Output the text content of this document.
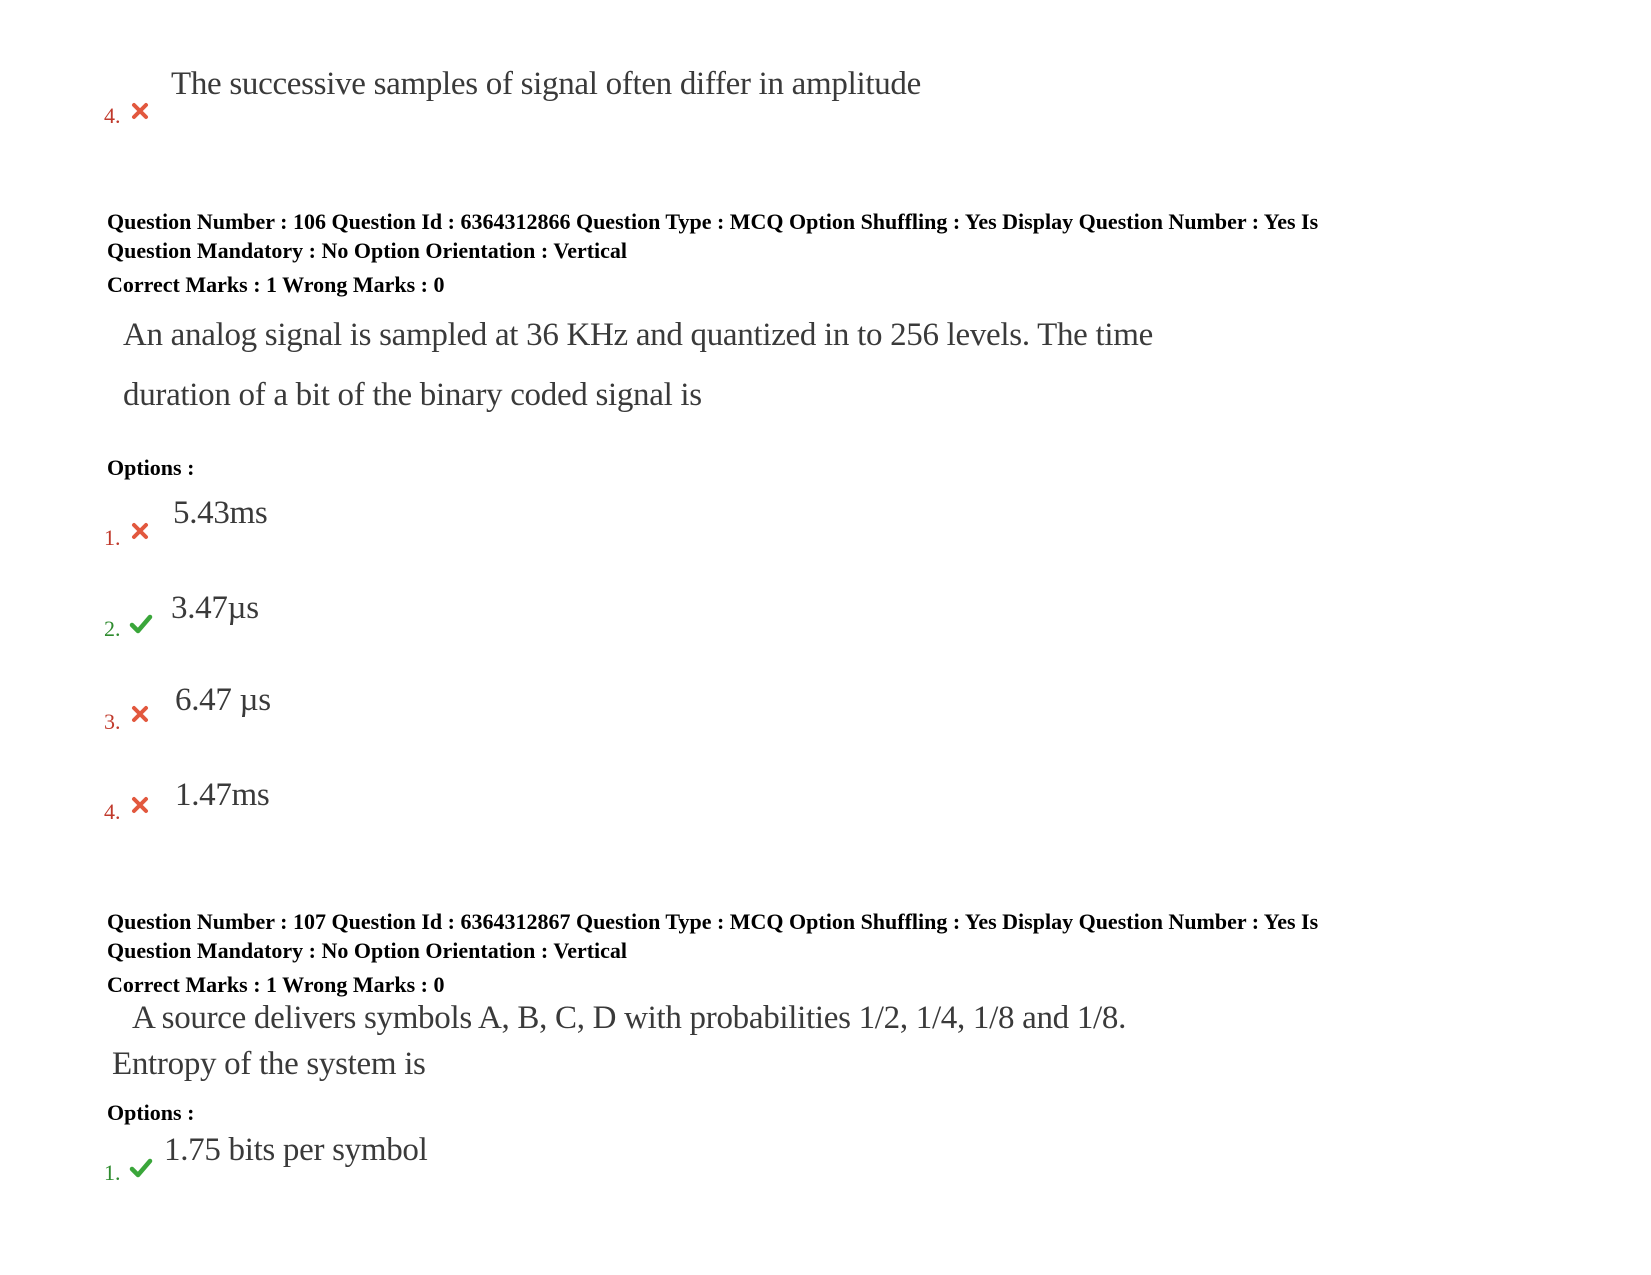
4.
The successive samples of signal often differ in amplitude
Question Number : 106 Question Id : 6364312866 Question Type : MCQ Option Shuffling : Yes Display Question Number : Yes Is
Question Mandatory : No Option Orientation : Vertical
Correct Marks : 1 Wrong Marks : 0
An analog signal is sampled at 36 KHz and quantized in to 256 levels. The time
duration of a bit of the binary coded signal is
Options :
1.
5.43ms
2.
3.47µs
3.
6.47 µs
4. 1.47ms
Question Number : 107 Question Id : 6364312867 Question Type : MCQ Option Shuffling : Yes Display Question Number : Yes Is
Question Mandatory : No Option Orientation : Vertical
Correct Marks : 1 Wrong Marks : 0
A source delivers symbols A, B, C, D with probabilities 1/2, 1/4, 1/8 and 1/8.
Entropy of the system is
Options :
1.
1.75 bits per symbol
